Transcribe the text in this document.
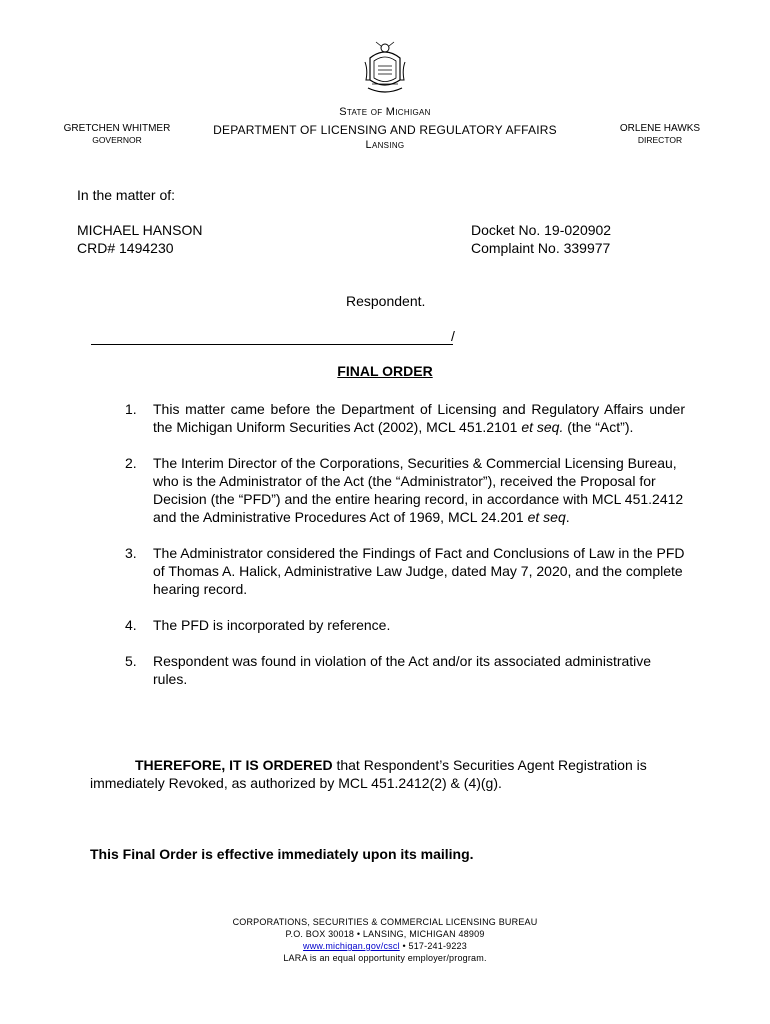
State of Michigan
DEPARTMENT OF LICENSING AND REGULATORY AFFAIRS
Lansing
GRETCHEN WHITMER
GOVERNOR
ORLENE HAWKS
DIRECTOR
In the matter of:
MICHAEL HANSON
CRD# 1494230
Docket No. 19-020902
Complaint No. 339977
Respondent.
/
FINAL ORDER
1. This matter came before the Department of Licensing and Regulatory Affairs under the Michigan Uniform Securities Act (2002), MCL 451.2101 et seq. (the “Act”).
2. The Interim Director of the Corporations, Securities & Commercial Licensing Bureau, who is the Administrator of the Act (the “Administrator”), received the Proposal for Decision (the “PFD”) and the entire hearing record, in accordance with MCL 451.2412 and the Administrative Procedures Act of 1969, MCL 24.201 et seq.
3. The Administrator considered the Findings of Fact and Conclusions of Law in the PFD of Thomas A. Halick, Administrative Law Judge, dated May 7, 2020, and the complete hearing record.
4. The PFD is incorporated by reference.
5. Respondent was found in violation of the Act and/or its associated administrative rules.
THEREFORE, IT IS ORDERED that Respondent’s Securities Agent Registration is immediately Revoked, as authorized by MCL 451.2412(2) & (4)(g).
This Final Order is effective immediately upon its mailing.
CORPORATIONS, SECURITIES & COMMERCIAL LICENSING BUREAU
P.O. BOX 30018 • LANSING, MICHIGAN 48909
www.michigan.gov/cscl • 517-241-9223
LARA is an equal opportunity employer/program.
